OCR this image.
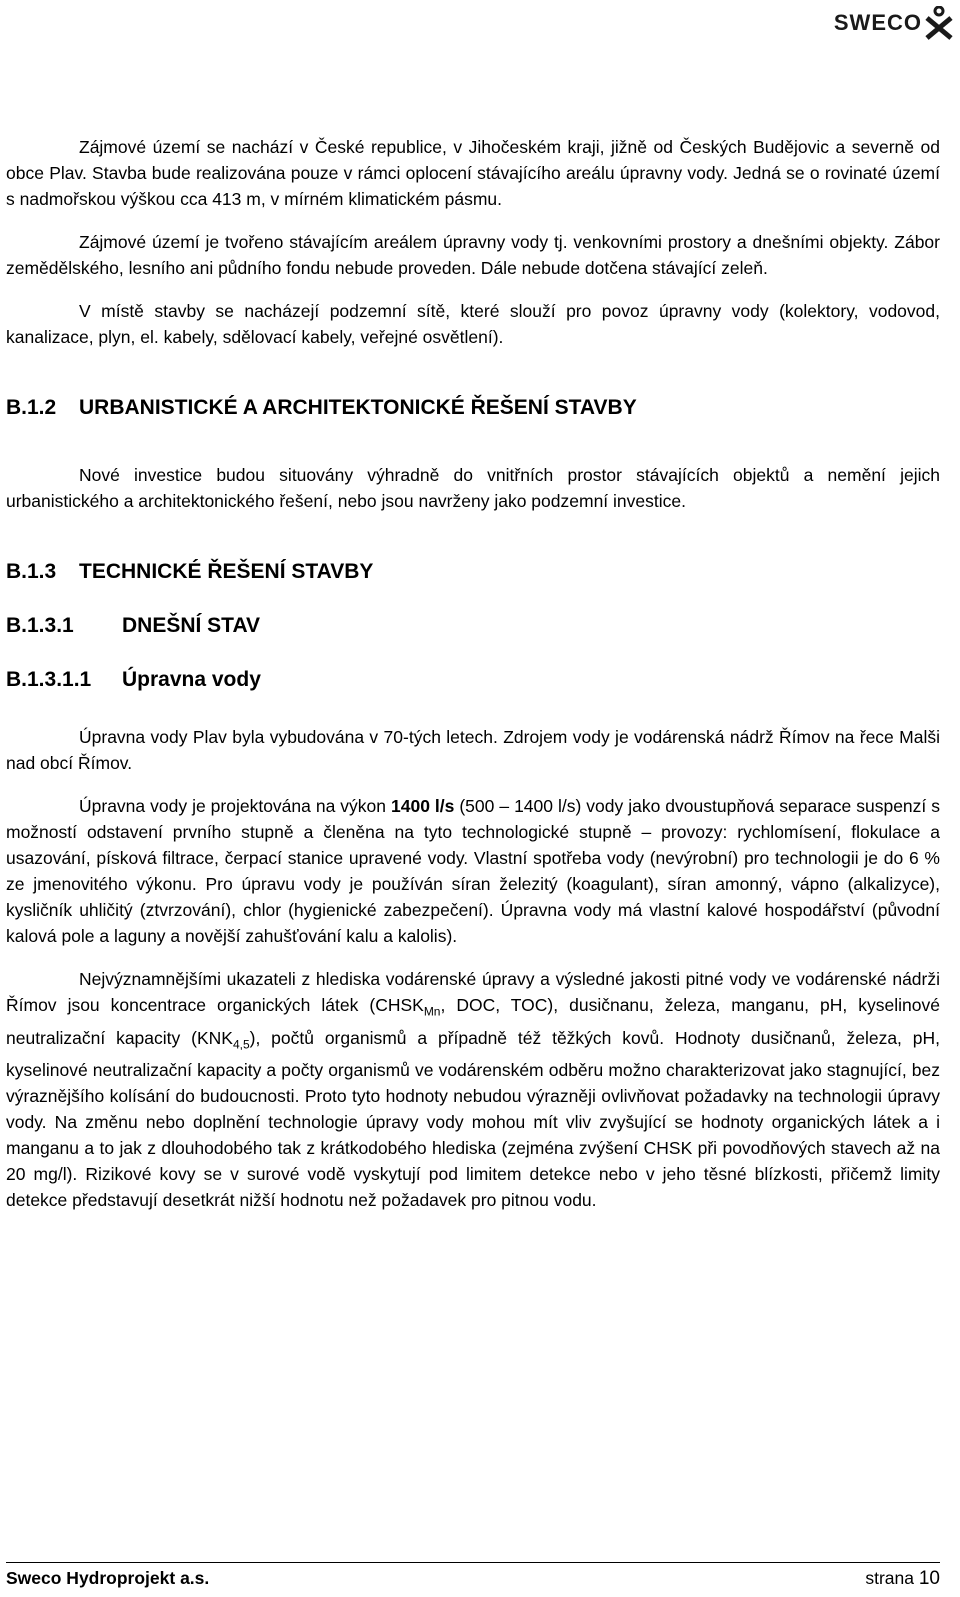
SWECO

Zájmové území se nachází v České republice, v Jihočeském kraji, jižně od Českých Budějovic a severně od obce Plav. Stavba bude realizována pouze v rámci oplocení stávajícího areálu úpravny vody. Jedná se o rovinaté území s nadmořskou výškou cca 413 m, v mírném klimatickém pásmu.

Zájmové území je tvořeno stávajícím areálem úpravny vody tj. venkovními prostory a dnešními objekty. Zábor zemědělského, lesního ani půdního fondu nebude proveden. Dále nebude dotčena stávající zeleň.

V místě stavby se nacházejí podzemní sítě, které slouží pro povoz úpravny vody (kolektory, vodovod, kanalizace, plyn, el. kabely, sdělovací kabely, veřejné osvětlení).

B.1.2 URBANISTICKÉ A ARCHITEKTONICKÉ ŘEŠENÍ STAVBY

Nové investice budou situovány výhradně do vnitřních prostor stávajících objektů a nemění jejich urbanistického a architektonického řešení, nebo jsou navrženy jako podzemní investice.

B.1.3 TECHNICKÉ ŘEŠENÍ STAVBY
B.1.3.1 DNEŠNÍ STAV
B.1.3.1.1 Úpravna vody

Úpravna vody Plav byla vybudována v 70-tých letech. Zdrojem vody je vodárenská nádrž Římov na řece Malši nad obcí Římov.

Úpravna vody je projektována na výkon 1400 l/s (500 – 1400 l/s) vody jako dvoustupňová separace suspenzí s možností odstavení prvního stupně a členěna na tyto technologické stupně – provozy: rychlomísení, flokulace a usazování, písková filtrace, čerpací stanice upravené vody. Vlastní spotřeba vody (nevýrobní) pro technologii je do 6 % ze jmenovitého výkonu. Pro úpravu vody je používán síran železitý (koagulant), síran amonný, vápno (alkalizyce), kysličník uhličitý (ztvrzování), chlor (hygienické zabezpečení). Úpravna vody má vlastní kalové hospodářství (původní kalová pole a laguny a novější zahušťování kalu a kalolis).

Nejvýznamnějšími ukazateli z hlediska vodárenské úpravy a výsledné jakosti pitné vody ve vodárenské nádrži Římov jsou koncentrace organických látek ($CHSK_{Mn}$, DOC, TOC), dusičnanu, železa, manganu, pH, kyselinové neutralizační kapacity $(KNK_{4,5})$, počtů organismů a případně též těžkých kovů. Hodnoty dusičnanů, železa, pH, kyselinové neutralizační kapacity a počty organismů ve vodárenském odběru možno charakterizovat jako stagnující, bez výraznějšího kolísání do budoucnosti. Proto tyto hodnoty nebudou výrazněji ovlivňovat požadavky na technologii úpravy vody. Na změnu nebo doplnění technologie úpravy vody mohou mít vliv zvyšující se hodnoty organických látek a i manganu a to jak z dlouhodobého tak z krátkodobého hlediska (zejména zvýšení CHSK při povodňových stavech až na 20 mg/l). Rizikové kovy se v surové vodě vyskytují pod limitem detekce nebo v jeho těsné blízkosti, přičemž limity detekce představují desetkrát nižší hodnotu než požadavek pro pitnou vodu.

Sweco Hydroprojekt a.s.	strana 10
